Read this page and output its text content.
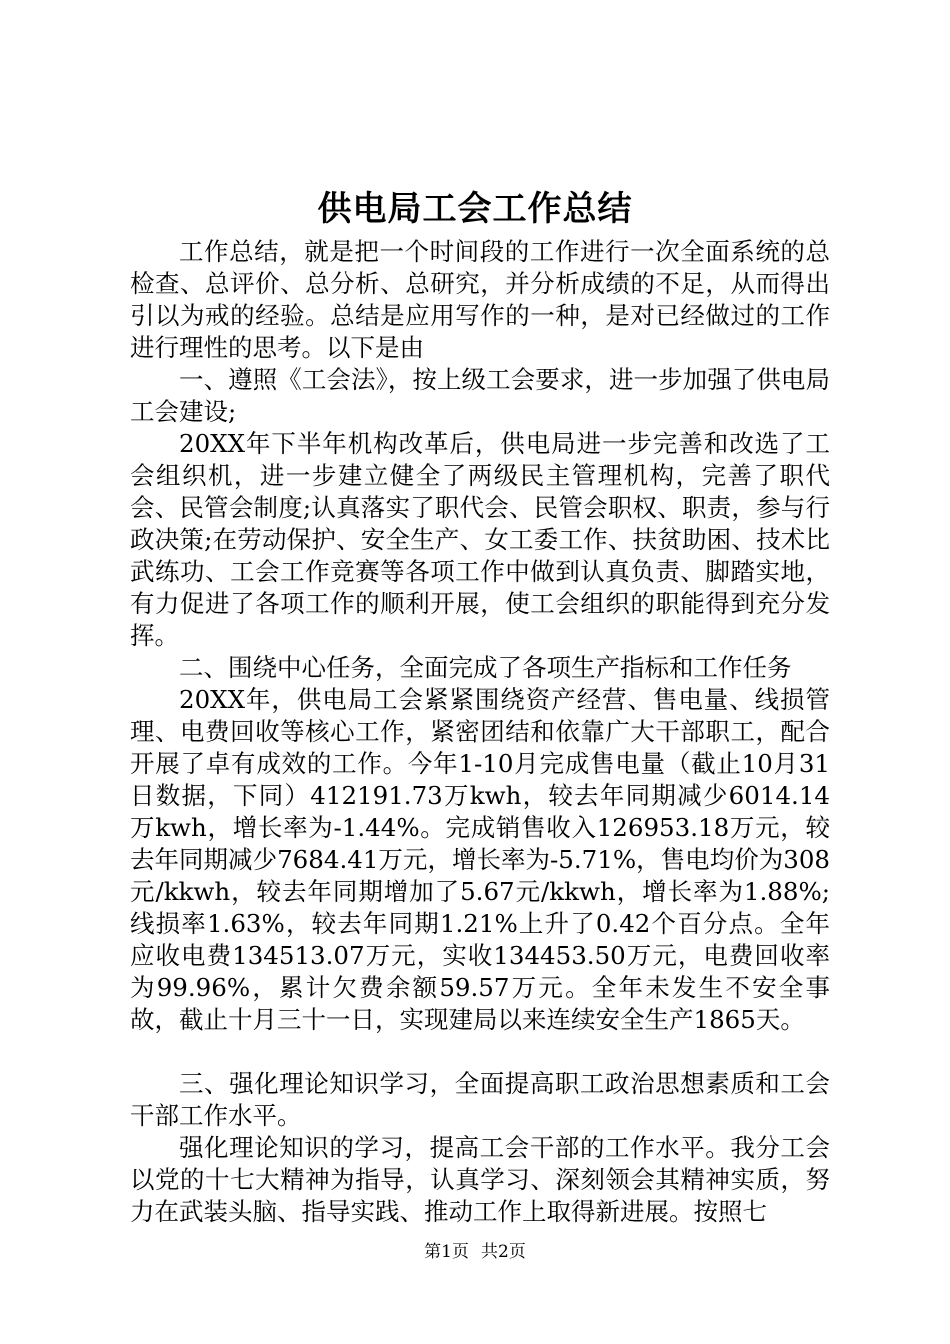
供电局工会工作总结

工作总结，就是把一个时间段的工作进行一次全面系统的总检查、总评价、总分析、总研究，并分析成绩的不足，从而得出引以为戒的经验。总结是应用写作的一种，是对已经做过的工作进行理性的思考。以下是由

一、遵照《工会法》，按上级工会要求，进一步加强了供电局工会建设;

20XX年下半年机构改革后，供电局进一步完善和改选了工会组织机，进一步建立健全了两级民主管理机构，完善了职代会、民管会制度;认真落实了职代会、民管会职权、职责，参与行政决策;在劳动保护、安全生产、女工委工作、扶贫助困、技术比武练功、工会工作竞赛等各项工作中做到认真负责、脚踏实地，有力促进了各项工作的顺利开展，使工会组织的职能得到充分发挥。

二、围绕中心任务，全面完成了各项生产指标和工作任务

20XX年，供电局工会紧紧围绕资产经营、售电量、线损管理、电费回收等核心工作，紧密团结和依靠广大干部职工，配合开展了卓有成效的工作。今年1-10月完成售电量（截止10月31日数据，下同）412191.73万kwh，较去年同期减少6014.14万kwh，增长率为-1.44%。完成销售收入126953.18万元，较去年同期减少7684.41万元，增长率为-5.71%，售电均价为308元/kkwh，较去年同期增加了5.67元/kkwh，增长率为1.88%;线损率1.63%，较去年同期1.21%上升了0.42个百分点。全年应收电费134513.07万元，实收134453.50万元，电费回收率为99.96%，累计欠费余额59.57万元。全年未发生不安全事故，截止十月三十一日，实现建局以来连续安全生产1865天。

三、强化理论知识学习，全面提高职工政治思想素质和工会干部工作水平。

强化理论知识的学习，提高工会干部的工作水平。我分工会以党的十七大精神为指导，认真学习、深刻领会其精神实质，努力在武装头脑、指导实践、推动工作上取得新进展。按照七

第1页 共2页
